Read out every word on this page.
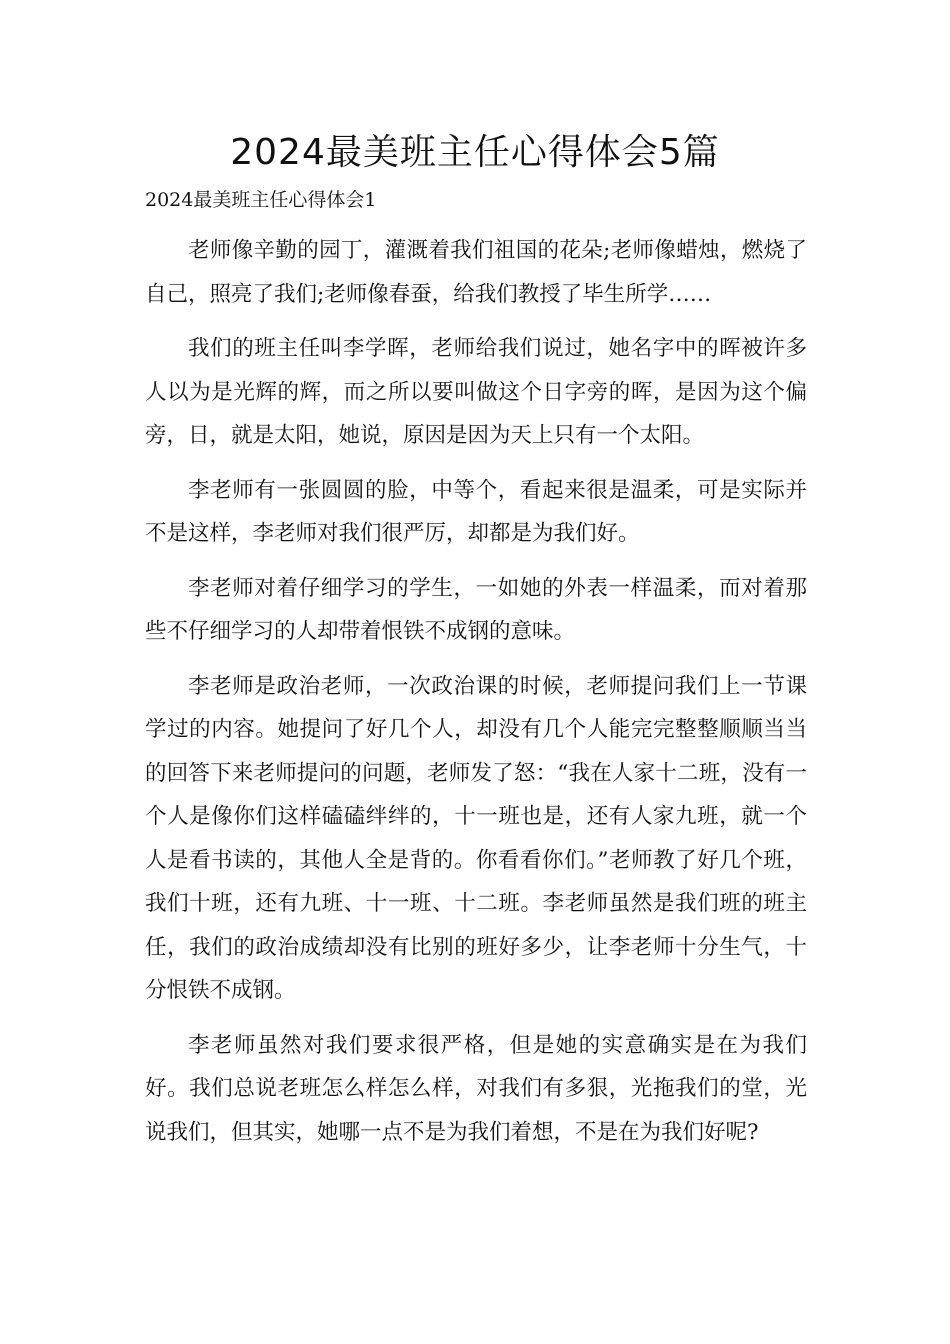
2024最美班主任心得体会5篇
2024最美班主任心得体会1

老师像辛勤的园丁，灌溉着我们祖国的花朵;老师像蜡烛，燃烧了自己，照亮了我们;老师像春蚕，给我们教授了毕生所学……

我们的班主任叫李学晖，老师给我们说过，她名字中的晖被许多人以为是光辉的辉，而之所以要叫做这个日字旁的晖，是因为这个偏旁，日，就是太阳，她说，原因是因为天上只有一个太阳。

李老师有一张圆圆的脸，中等个，看起来很是温柔，可是实际并不是这样，李老师对我们很严厉，却都是为我们好。

李老师对着仔细学习的学生，一如她的外表一样温柔，而对着那些不仔细学习的人却带着恨铁不成钢的意味。

李老师是政治老师，一次政治课的时候，老师提问我们上一节课学过的内容。她提问了好几个人，却没有几个人能完完整整顺顺当当的回答下来老师提问的问题，老师发了怒：“我在人家十二班，没有一个人是像你们这样磕磕绊绊的，十一班也是，还有人家九班，就一个人是看书读的，其他人全是背的。你看看你们。”老师教了好几个班，我们十班，还有九班、十一班、十二班。李老师虽然是我们班的班主任，我们的政治成绩却没有比别的班好多少，让李老师十分生气，十分恨铁不成钢。

李老师虽然对我们要求很严格，但是她的实意确实是在为我们好。我们总说老班怎么样怎么样，对我们有多狠，光拖我们的堂，光说我们，但其实，她哪一点不是为我们着想，不是在为我们好呢?
